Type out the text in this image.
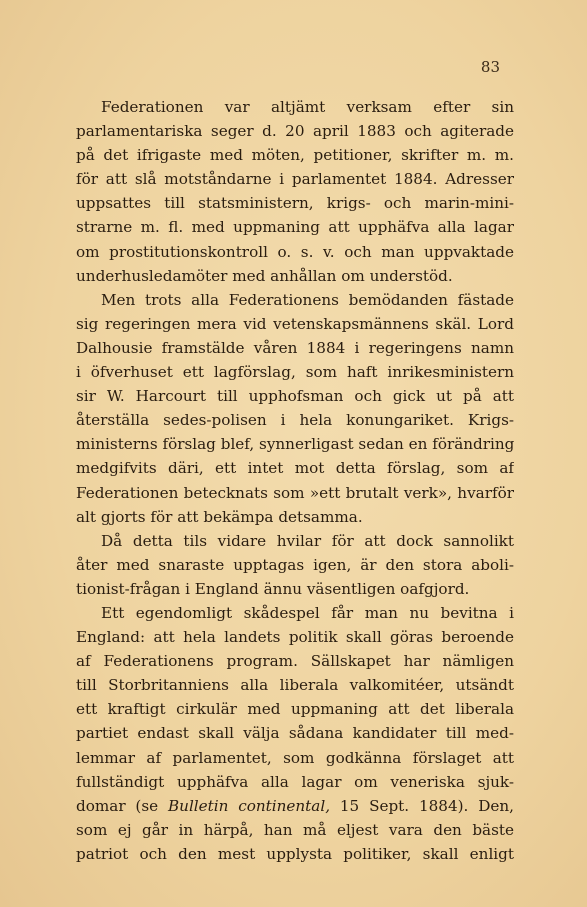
83
Federationen var altjämt verksam efter sin
parlamentariska seger d. 20 april 1883 och agiterade
på det ifrigaste med möten, petitioner, skrifter m. m.
för att slå motståndarne i parlamentet 1884. Adresser
uppsattes till statsministern, krigs- och marin-mini-
strarne m. fl. med uppmaning att upphäfva alla lagar
om prostitutionskontroll o. s. v. och man uppvaktade
underhusledamöter med anhållan om understöd.
Men trots alla Federationens bemödanden fästade
sig regeringen mera vid vetenskapsmännens skäl. Lord
Dalhousie framstälde våren 1884 i regeringens namn
i öfverhuset ett lagförslag, som haft inrikesministern
sir W. Harcourt till upphofsman och gick ut på att
återställa sedes-polisen i hela konungariket. Krigs-
ministerns förslag blef, synnerligast sedan en förändring
medgifvits däri, ett intet mot detta förslag, som af
Federationen betecknats som »ett brutalt verk», hvarför
alt gjorts för att bekämpa detsamma.
Då detta tils vidare hvilar för att dock sannolikt
åter med snaraste upptagas igen, är den stora aboli-
tionist-frågan i England ännu väsentligen oafgjord.
Ett egendomligt skådespel får man nu bevitna i
England: att hela landets politik skall göras beroende
af Federationens program. Sällskapet har nämligen
till Storbritanniens alla liberala valkomitéer, utsändt
ett kraftigt cirkulär med uppmaning att det liberala
partiet endast skall välja sådana kandidater till med-
lemmar af parlamentet, som godkänna förslaget att
fullständigt upphäfva alla lagar om veneriska sjuk-
domar (se Bulletin continental, 15 Sept. 1884). Den,
som ej går in härpå, han må eljest vara den bäste
patriot och den mest upplysta politiker, skall enligt
